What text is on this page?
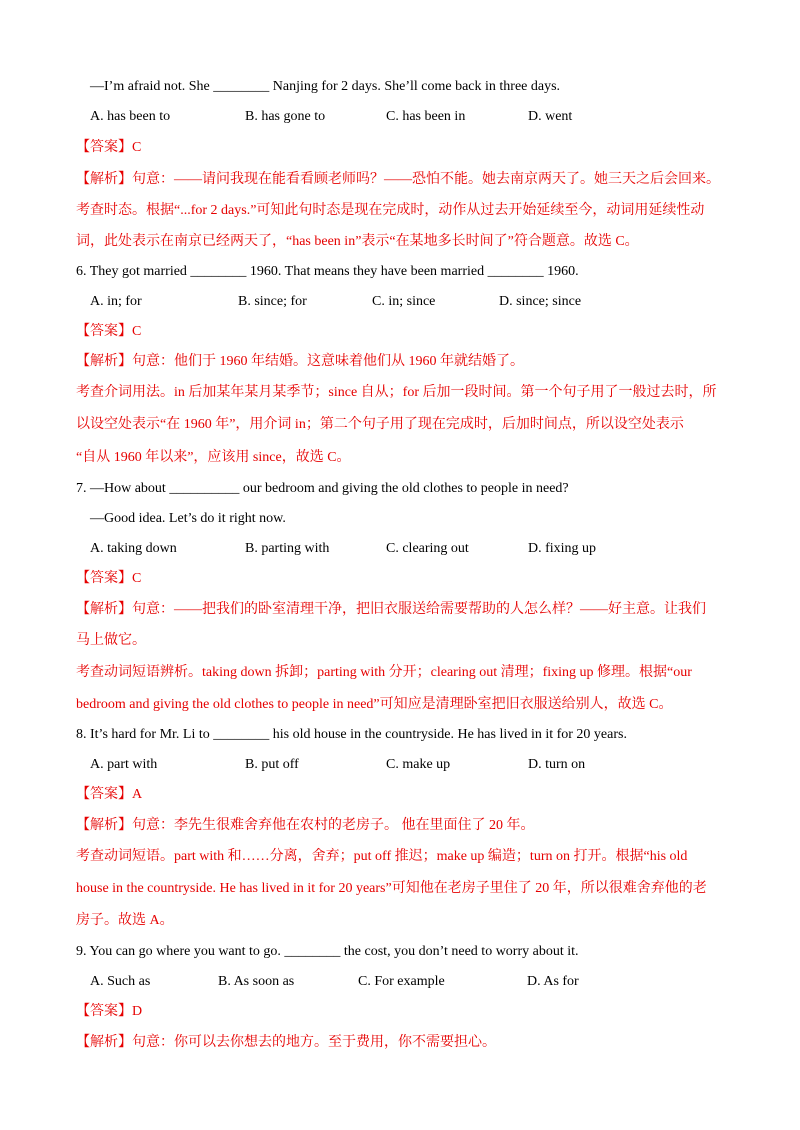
—I’m afraid not. She ________ Nanjing for 2 days. She’ll come back in three days.
A. has been to	B. has gone to	C. has been in	D. went
【答案】C
【解析】句意：——请问我现在能看看顾老师吗？——恐怕不能。她去南京两天了。她三天之后会回来。
考查时态。根据“...for 2 days.”可知此句时态是现在完成时，动作从过去开始延续至今，动词用延续性动
词，此处表示在南京已经两天了，“has been in”表示“在某地多长时间了”符合题意。故选 C。
6. They got married ________ 1960. That means they have been married ________ 1960.
A. in; for	B. since; for	C. in; since	D. since; since
【答案】C
【解析】句意：他们于 1960 年结婚。这意味着他们从 1960 年就结婚了。
考查介词用法。in 后加某年某月某季节；since 自从；for 后加一段时间。第一个句子用了一般过去时，所
以设空处表示“在 1960 年”，用介词 in；第二个句子用了现在完成时，后加时间点，所以设空处表示
“自从 1960 年以来”，应该用 since，故选 C。
7. —How about __________ our bedroom and giving the old clothes to people in need?
—Good idea. Let’s do it right now.
A. taking down	B. parting with	C. clearing out	D. fixing up
【答案】C
【解析】句意：——把我们的卧室清理干净，把旧衣服送给需要帮助的人怎么样？——好主意。让我们
马上做它。
考查动词短语辨析。taking down 拆卸；parting with 分开；clearing out 清理；fixing up 修理。根据“our
bedroom and giving the old clothes to people in need”可知应是清理卧室把旧衣服送给别人，故选 C。
8. It’s hard for Mr. Li to ________ his old house in the countryside. He has lived in it for 20 years.
A. part with	B. put off	C. make up	D. turn on
【答案】A
【解析】句意：李先生很难舍弃他在农村的老房子。 他在里面住了 20 年。
考查动词短语。part with 和……分离，舍弃；put off 推迟；make up 编造；turn on 打开。根据“his old
house in the countryside. He has lived in it for 20 years”可知他在老房子里住了 20 年，所以很难舍弃他的老
房子。故选 A。
9. You can go where you want to go. ________ the cost, you don’t need to worry about it.
A. Such as	B. As soon as	C. For example	D. As for
【答案】D
【解析】句意：你可以去你想去的地方。至于费用，你不需要担心。
